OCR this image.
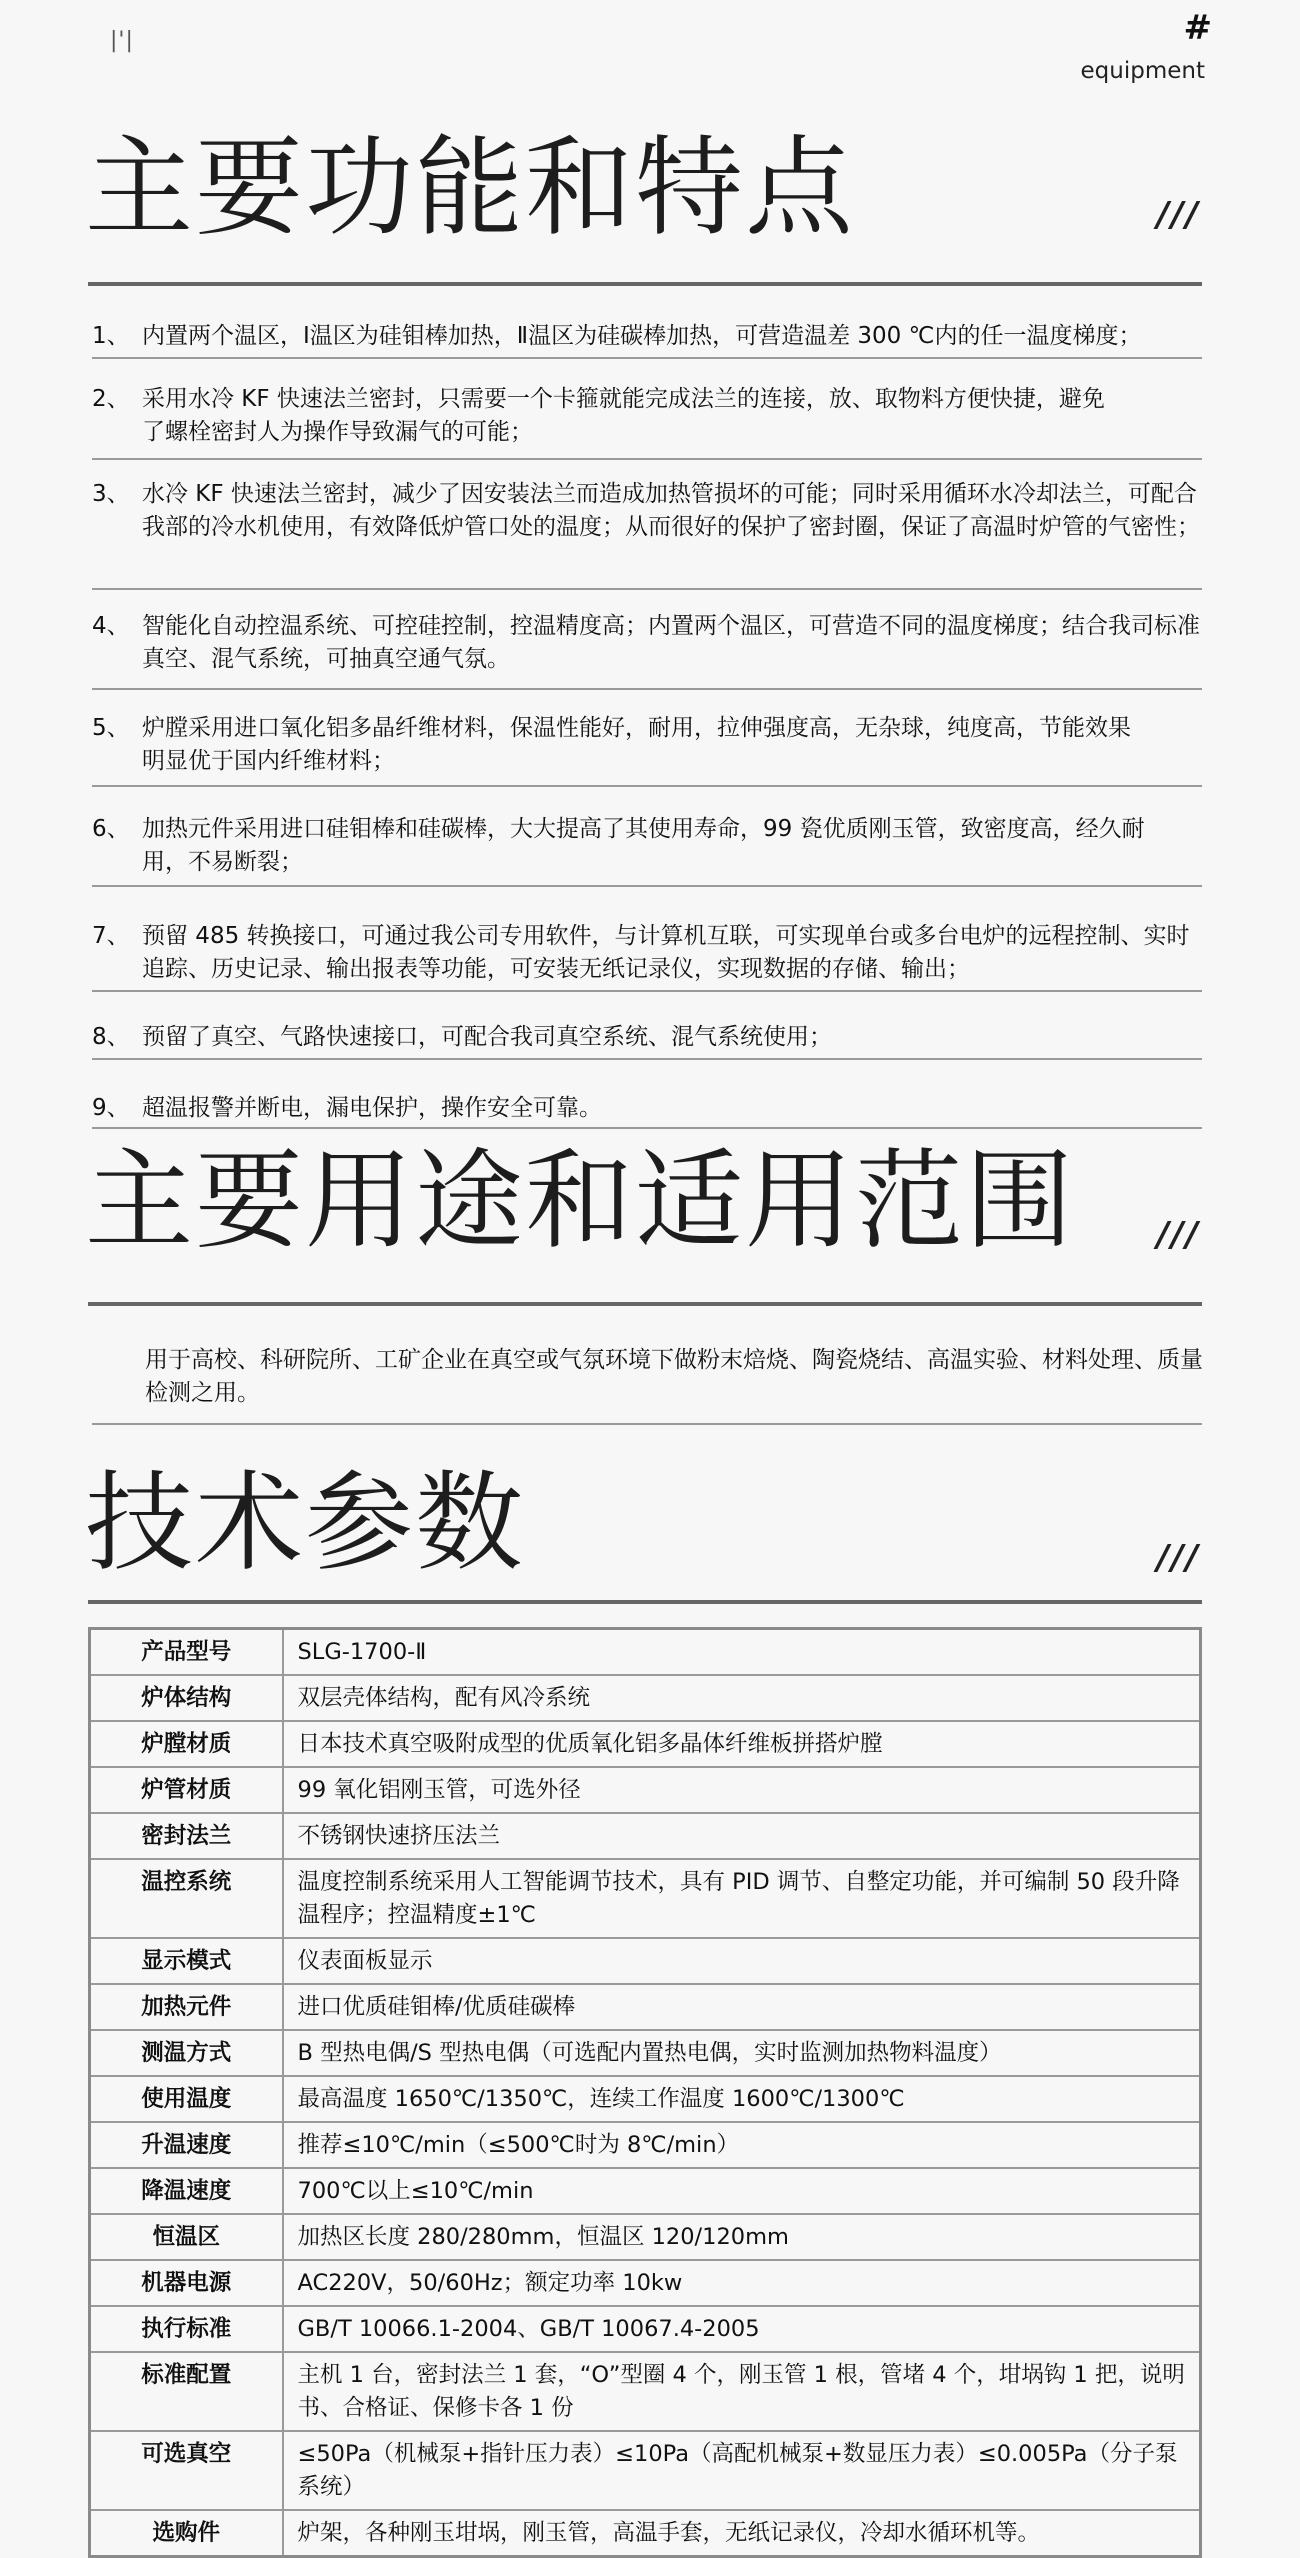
|'|	#
equipment
主要功能和特点	///
1、 内置两个温区，Ⅰ温区为硅钼棒加热，Ⅱ温区为硅碳棒加热，可营造温差 300 ℃内的任一温度梯度；
2、 采用水冷 KF 快速法兰密封，只需要一个卡箍就能完成法兰的连接，放、取物料方便快捷，避免了螺栓密封人为操作导致漏气的可能；
3、 水冷 KF 快速法兰密封，减少了因安装法兰而造成加热管损坏的可能；同时采用循环水冷却法兰，可配合我部的冷水机使用，有效降低炉管口处的温度；从而很好的保护了密封圈，保证了高温时炉管的气密性；
4、 智能化自动控温系统、可控硅控制，控温精度高；内置两个温区，可营造不同的温度梯度；结合我司标准真空、混气系统，可抽真空通气氛。
5、 炉膛采用进口氧化铝多晶纤维材料，保温性能好，耐用，拉伸强度高，无杂球，纯度高，节能效果明显优于国内纤维材料；
6、 加热元件采用进口硅钼棒和硅碳棒，大大提高了其使用寿命，99 瓷优质刚玉管，致密度高，经久耐用，不易断裂；
7、 预留 485 转换接口，可通过我公司专用软件，与计算机互联，可实现单台或多台电炉的远程控制、实时追踪、历史记录、输出报表等功能，可安装无纸记录仪，实现数据的存储、输出；
8、 预留了真空、气路快速接口，可配合我司真空系统、混气系统使用；
9、 超温报警并断电，漏电保护，操作安全可靠。
主要用途和适用范围 ///
用于高校、科研院所、工矿企业在真空或气氛环境下做粉末焙烧、陶瓷烧结、高温实验、材料处理、质量检测之用。
技术参数	///
产品型号	SLG-1700-Ⅱ
炉体结构	双层壳体结构，配有风冷系统
炉膛材质	日本技术真空吸附成型的优质氧化铝多晶体纤维板拼搭炉膛
炉管材质	99 氧化铝刚玉管，可选外径
密封法兰	不锈钢快速挤压法兰
温控系统	温度控制系统采用人工智能调节技术，具有 PID 调节、自整定功能，并可编制 50 段升降温程序；控温精度±1℃
显示模式	仪表面板显示
加热元件	进口优质硅钼棒/优质硅碳棒
测温方式	B 型热电偶/S 型热电偶（可选配内置热电偶，实时监测加热物料温度）
使用温度	最高温度 1650℃/1350℃，连续工作温度 1600℃/1300℃
升温速度	推荐≤10℃/min（≤500℃时为 8℃/min）
降温速度	700℃以上≤10℃/min
恒温区	加热区长度 280/280mm，恒温区 120/120mm
机器电源	AC220V，50/60Hz；额定功率 10kw
执行标准	GB/T 10066.1-2004、GB/T 10067.4-2005
标准配置	主机 1 台，密封法兰 1 套，“O”型圈 4 个，刚玉管 1 根，管堵 4 个，坩埚钩 1 把，说明书、合格证、保修卡各 1 份
可选真空	≤50Pa（机械泵+指针压力表）≤10Pa（高配机械泵+数显压力表）≤0.005Pa（分子泵系统）
选购件	炉架，各种刚玉坩埚，刚玉管，高温手套，无纸记录仪，冷却水循环机等。
